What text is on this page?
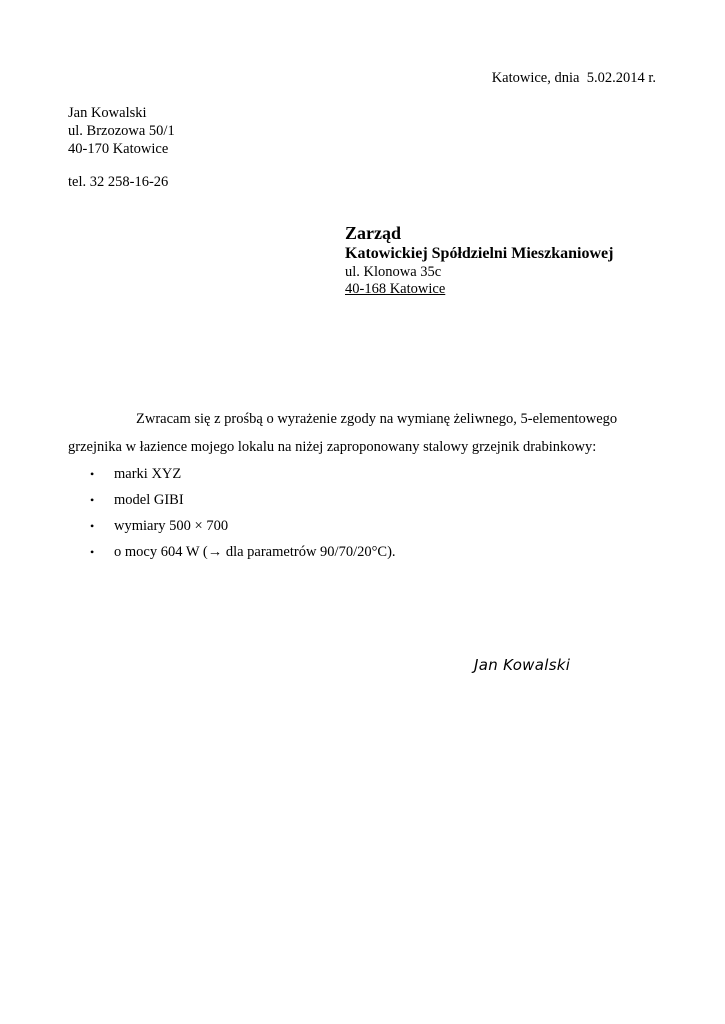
Katowice, dnia  5.02.2014 r.
Jan Kowalski
ul. Brzozowa 50/1
40-170 Katowice
tel. 32 258-16-26
Zarząd
Katowickiej Spółdzielni Mieszkaniowej
ul. Klonowa 35c
40-168 Katowice

Zwracam się z prośbą o wyrażenie zgody na wymianę żeliwnego, 5-elementowego

grzejnika w łazience mojego lokalu na niżej zaproponowany stalowy grzejnik drabinkowy:
• marki XYZ
• model GIBI
• wymiary 500 × 700
• o mocy 604 W (→ dla parametrów 90/70/20°C).
Jan Kowalski
